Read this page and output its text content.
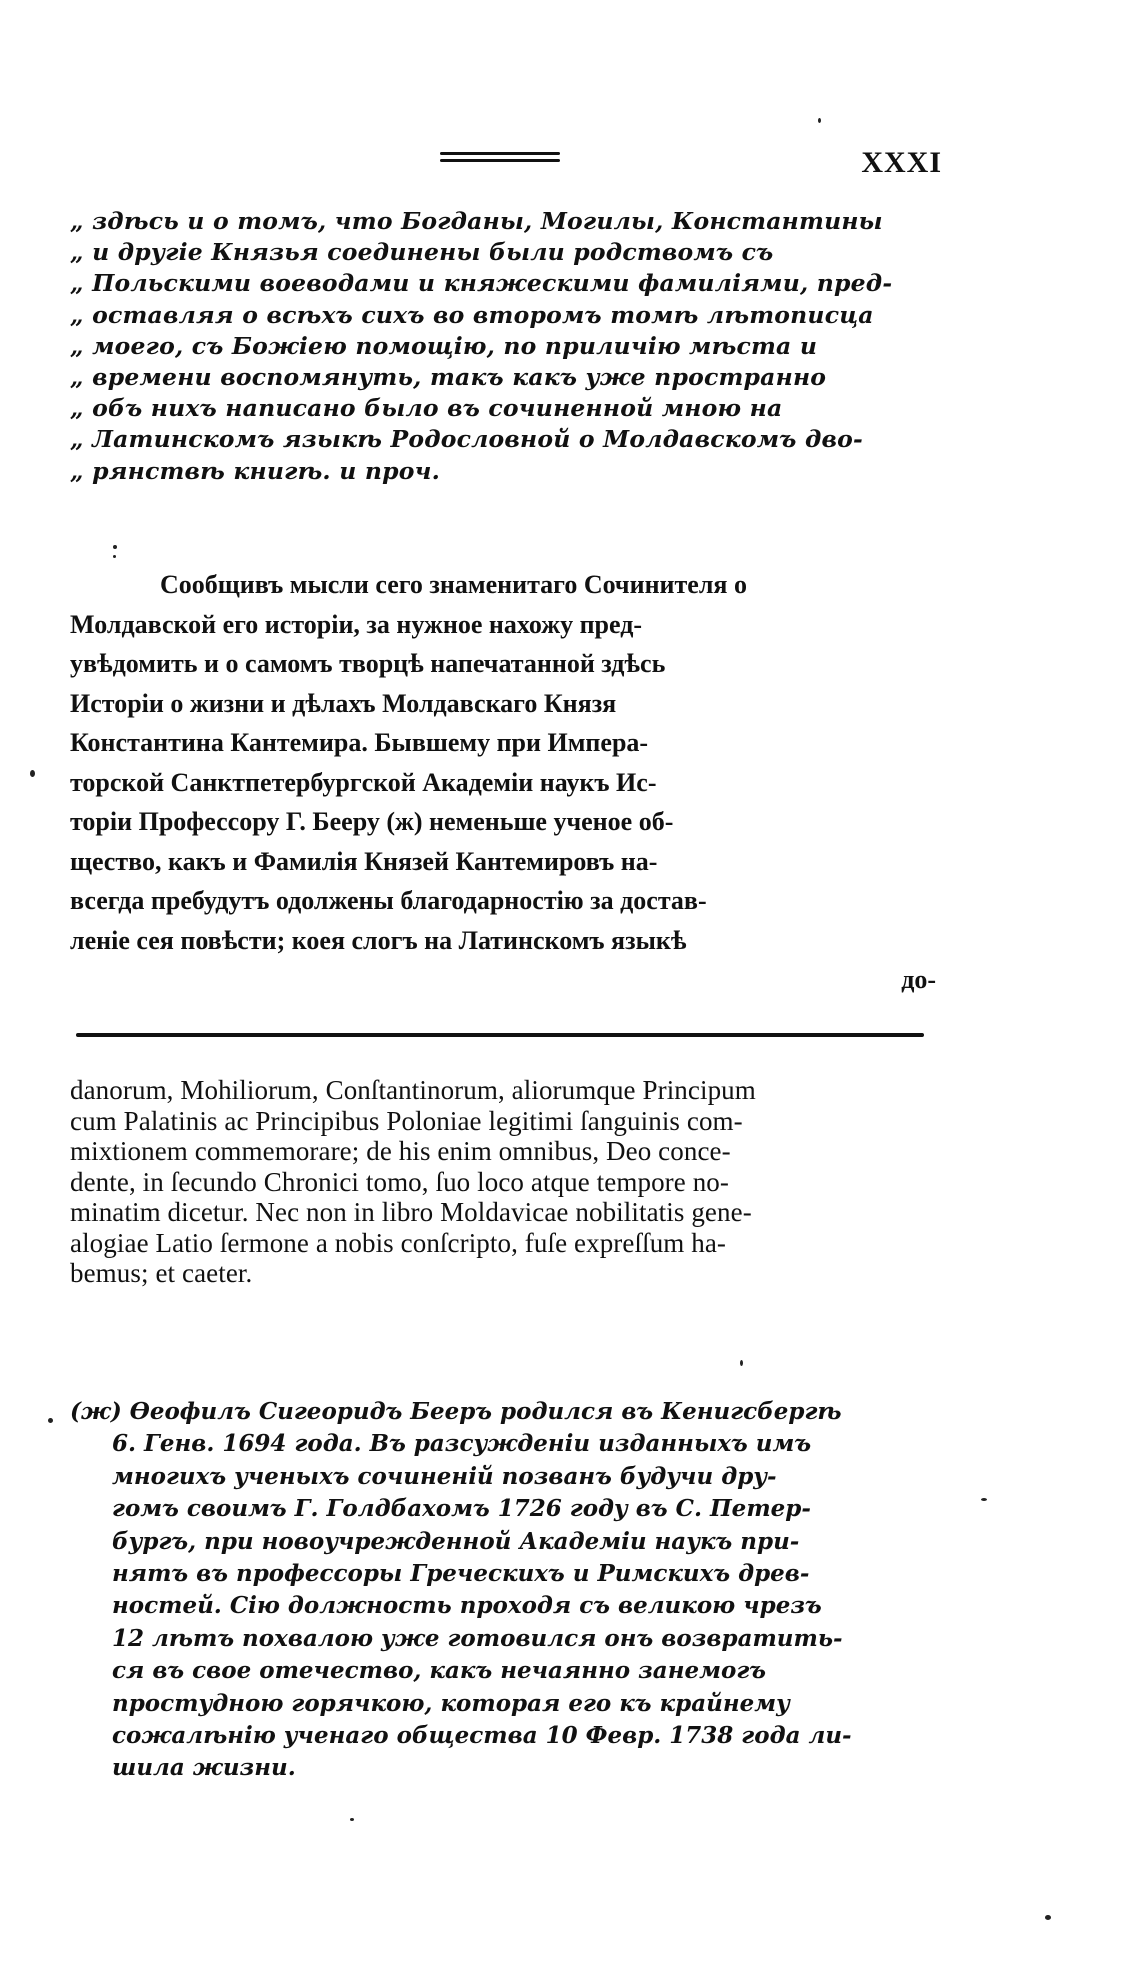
XXXI
„ здѣсь и о томъ, что Богданы, Могилы, Констaнтины
„ и другіе Князья соединены были родствомъ съ
„ Польскими воеводами и княжескими фамиліями, пред-
„ оставляя о всѣхъ сихъ во второмъ томѣ лѣтописца
„ моего, съ Божіею помощію, по приличію мѣста и
„ времени воспомянуть, такъ какъ уже пространно
„ объ нихъ написано было въ сочиненной мною на
„ Латинскомъ языкѣ Родословной о Молдавскомъ дво-
„ рянствѣ книгѣ. и проч.
Сообщивъ мысли сего знаменитаго Сочинителя о
Молдавской его исторіи, за нужное нахожу пред-
увѣдомить и о самомъ творцѣ напечатанной здѣсь
Исторіи о жизни и дѣлахъ Молдавскаго Князя
Константина Кантемира. Бывшему при Импера-
торской Санктпетербургской Академіи наукъ Ис-
торіи Профессору Г. Беeру (ж) неменьше ученое об-
щество, какъ и Фамилія Князей Кантемировъ на-
всегда пребудутъ одолжены благодарностію за достав-
леніе сея повѣсти; коея слогъ на Латинскомъ языкѣ
до-
danorum, Mohiliorum, Conſtantinorum, aliorumque Principum
cum Palatinis ac Principibus Poloniae legitimi ſanguinis com-
mixtionem commemorare; de his enim omnibus, Deo conce-
dente, in ſecundo Chronici tomo, ſuo loco atque tempore no-
minatim dicetur. Nec non in libro Moldavicae nobilitatis gene-
alogiae Latio ſermone a nobis conſcripto, fuſe expreſſum ha-
bemus; et caeter.
(ж) Ѳеофилъ Сигеоридъ Беeръ родился въ Кенигсбергѣ
6. Генв. 1694 года. Въ разсужденіи изданныхъ имъ
многихъ ученыхъ сочиненій позванъ будучи дру-
гомъ своимъ Г. Голдбахомъ 1726 году въ С. Петер-
бургъ, при новоучрежденной Академіи наукъ при-
нятъ въ профессоры Греческихъ и Римскихъ древ-
ностей. Сію должность проходя съ великою чрезъ
12 лѣтъ похвалою уже готовился онъ возвратить-
ся въ свое отечество, какъ нечаянно занемогъ
простудною горячкою, которая его къ крайнему
сожалѣнію ученаго общества 10 Февр. 1738 года ли-
шила жизни.
